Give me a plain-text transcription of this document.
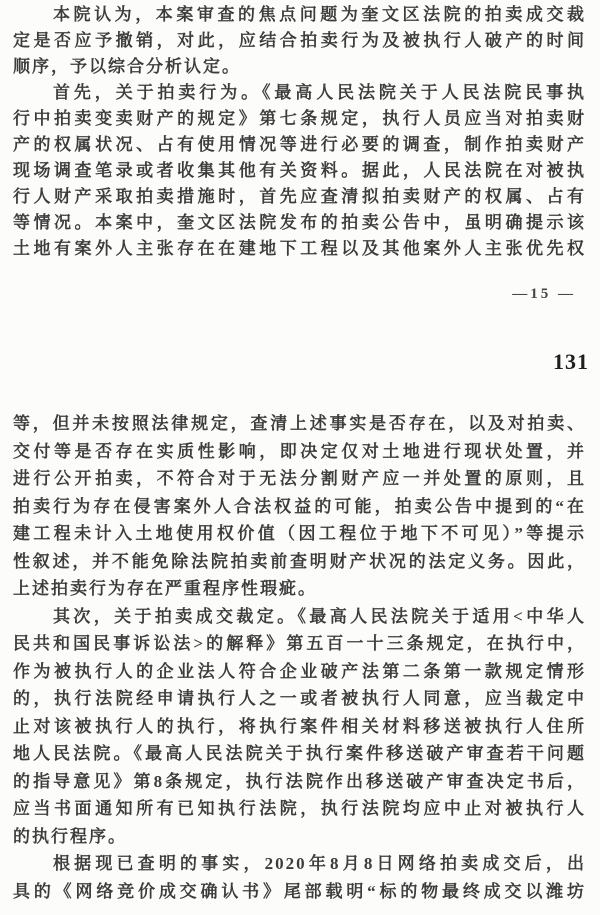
本院认为，本案审查的焦点问题为奎文区法院的拍卖成交裁
定是否应予撤销，对此，应结合拍卖行为及被执行人破产的时间
顺序，予以综合分析认定。
首先，关于拍卖行为。《最高人民法院关于人民法院民事执
行中拍卖变卖财产的规定》第七条规定，执行人员应当对拍卖财
产的权属状况、占有使用情况等进行必要的调查，制作拍卖财产
现场调查笔录或者收集其他有关资料。据此，人民法院在对被执
行人财产采取拍卖措施时，首先应查清拟拍卖财产的权属、占有
等情况。本案中，奎文区法院发布的拍卖公告中，虽明确提示该
土地有案外人主张存在在建地下工程以及其他案外人主张优先权
—15 —
131
等，但并未按照法律规定，查清上述事实是否存在，以及对拍卖、
交付等是否存在实质性影响，即决定仅对土地进行现状处置，并
进行公开拍卖，不符合对于无法分割财产应一并处置的原则，且
拍卖行为存在侵害案外人合法权益的可能，拍卖公告中提到的“在
建工程未计入土地使用权价值（因工程位于地下不可见）”等提示
性叙述，并不能免除法院拍卖前查明财产状况的法定义务。因此，
上述拍卖行为存在严重程序性瑕疵。
其次，关于拍卖成交裁定。《最高人民法院关于适用<中华人
民共和国民事诉讼法>的解释》第五百一十三条规定，在执行中，
作为被执行人的企业法人符合企业破产法第二条第一款规定情形
的，执行法院经申请执行人之一或者被执行人同意，应当裁定中
止对该被执行人的执行，将执行案件相关材料移送被执行人住所
地人民法院。《最高人民法院关于执行案件移送破产审查若干问题
的指导意见》第8条规定，执行法院作出移送破产审查决定书后，
应当书面通知所有已知执行法院，执行法院均应中止对被执行人
的执行程序。
根据现已查明的事实，2020年8月8日网络拍卖成交后，出
具的《网络竞价成交确认书》尾部载明“标的物最终成交以潍坊
